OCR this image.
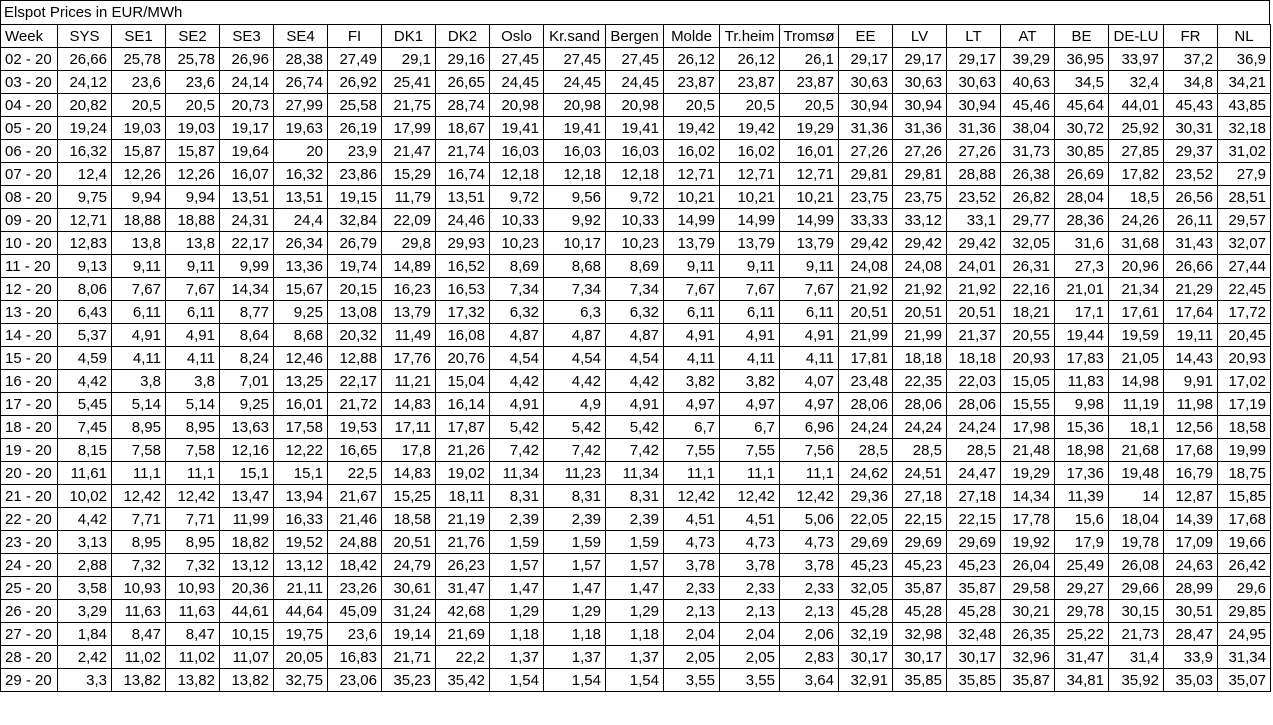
Elspot Prices in EUR/MWh
Week	SYS	SE1	SE2	SE3	SE4	FI	DK1	DK2	Oslo	Kr.sand	Bergen	Molde	Tr.heim	Tromsø	EE	LV	LT	AT	BE	DE-LU	FR	NL
02 - 20	26,66	25,78	25,78	26,96	28,38	27,49	29,1	29,16	27,45	27,45	27,45	26,12	26,12	26,1	29,17	29,17	29,17	39,29	36,95	33,97	37,2	36,9
03 - 20	24,12	23,6	23,6	24,14	26,74	26,92	25,41	26,65	24,45	24,45	24,45	23,87	23,87	23,87	30,63	30,63	30,63	40,63	34,5	32,4	34,8	34,21
04 - 20	20,82	20,5	20,5	20,73	27,99	25,58	21,75	28,74	20,98	20,98	20,98	20,5	20,5	20,5	30,94	30,94	30,94	45,46	45,64	44,01	45,43	43,85
05 - 20	19,24	19,03	19,03	19,17	19,63	26,19	17,99	18,67	19,41	19,41	19,41	19,42	19,42	19,29	31,36	31,36	31,36	38,04	30,72	25,92	30,31	32,18
06 - 20	16,32	15,87	15,87	19,64	20	23,9	21,47	21,74	16,03	16,03	16,03	16,02	16,02	16,01	27,26	27,26	27,26	31,73	30,85	27,85	29,37	31,02
07 - 20	12,4	12,26	12,26	16,07	16,32	23,86	15,29	16,74	12,18	12,18	12,18	12,71	12,71	12,71	29,81	29,81	28,88	26,38	26,69	17,82	23,52	27,9
08 - 20	9,75	9,94	9,94	13,51	13,51	19,15	11,79	13,51	9,72	9,56	9,72	10,21	10,21	10,21	23,75	23,75	23,52	26,82	28,04	18,5	26,56	28,51
09 - 20	12,71	18,88	18,88	24,31	24,4	32,84	22,09	24,46	10,33	9,92	10,33	14,99	14,99	14,99	33,33	33,12	33,1	29,77	28,36	24,26	26,11	29,57
10 - 20	12,83	13,8	13,8	22,17	26,34	26,79	29,8	29,93	10,23	10,17	10,23	13,79	13,79	13,79	29,42	29,42	29,42	32,05	31,6	31,68	31,43	32,07
11 - 20	9,13	9,11	9,11	9,99	13,36	19,74	14,89	16,52	8,69	8,68	8,69	9,11	9,11	9,11	24,08	24,08	24,01	26,31	27,3	20,96	26,66	27,44
12 - 20	8,06	7,67	7,67	14,34	15,67	20,15	16,23	16,53	7,34	7,34	7,34	7,67	7,67	7,67	21,92	21,92	21,92	22,16	21,01	21,34	21,29	22,45
13 - 20	6,43	6,11	6,11	8,77	9,25	13,08	13,79	17,32	6,32	6,3	6,32	6,11	6,11	6,11	20,51	20,51	20,51	18,21	17,1	17,61	17,64	17,72
14 - 20	5,37	4,91	4,91	8,64	8,68	20,32	11,49	16,08	4,87	4,87	4,87	4,91	4,91	4,91	21,99	21,99	21,37	20,55	19,44	19,59	19,11	20,45
15 - 20	4,59	4,11	4,11	8,24	12,46	12,88	17,76	20,76	4,54	4,54	4,54	4,11	4,11	4,11	17,81	18,18	18,18	20,93	17,83	21,05	14,43	20,93
16 - 20	4,42	3,8	3,8	7,01	13,25	22,17	11,21	15,04	4,42	4,42	4,42	3,82	3,82	4,07	23,48	22,35	22,03	15,05	11,83	14,98	9,91	17,02
17 - 20	5,45	5,14	5,14	9,25	16,01	21,72	14,83	16,14	4,91	4,9	4,91	4,97	4,97	4,97	28,06	28,06	28,06	15,55	9,98	11,19	11,98	17,19
18 - 20	7,45	8,95	8,95	13,63	17,58	19,53	17,11	17,87	5,42	5,42	5,42	6,7	6,7	6,96	24,24	24,24	24,24	17,98	15,36	18,1	12,56	18,58
19 - 20	8,15	7,58	7,58	12,16	12,22	16,65	17,8	21,26	7,42	7,42	7,42	7,55	7,55	7,56	28,5	28,5	28,5	21,48	18,98	21,68	17,68	19,99
20 - 20	11,61	11,1	11,1	15,1	15,1	22,5	14,83	19,02	11,34	11,23	11,34	11,1	11,1	11,1	24,62	24,51	24,47	19,29	17,36	19,48	16,79	18,75
21 - 20	10,02	12,42	12,42	13,47	13,94	21,67	15,25	18,11	8,31	8,31	8,31	12,42	12,42	12,42	29,36	27,18	27,18	14,34	11,39	14	12,87	15,85
22 - 20	4,42	7,71	7,71	11,99	16,33	21,46	18,58	21,19	2,39	2,39	2,39	4,51	4,51	5,06	22,05	22,15	22,15	17,78	15,6	18,04	14,39	17,68
23 - 20	3,13	8,95	8,95	18,82	19,52	24,88	20,51	21,76	1,59	1,59	1,59	4,73	4,73	4,73	29,69	29,69	29,69	19,92	17,9	19,78	17,09	19,66
24 - 20	2,88	7,32	7,32	13,12	13,12	18,42	24,79	26,23	1,57	1,57	1,57	3,78	3,78	3,78	45,23	45,23	45,23	26,04	25,49	26,08	24,63	26,42
25 - 20	3,58	10,93	10,93	20,36	21,11	23,26	30,61	31,47	1,47	1,47	1,47	2,33	2,33	2,33	32,05	35,87	35,87	29,58	29,27	29,66	28,99	29,6
26 - 20	3,29	11,63	11,63	44,61	44,64	45,09	31,24	42,68	1,29	1,29	1,29	2,13	2,13	2,13	45,28	45,28	45,28	30,21	29,78	30,15	30,51	29,85
27 - 20	1,84	8,47	8,47	10,15	19,75	23,6	19,14	21,69	1,18	1,18	1,18	2,04	2,04	2,06	32,19	32,98	32,48	26,35	25,22	21,73	28,47	24,95
28 - 20	2,42	11,02	11,02	11,07	20,05	16,83	21,71	22,2	1,37	1,37	1,37	2,05	2,05	2,83	30,17	30,17	30,17	32,96	31,47	31,4	33,9	31,34
29 - 20	3,3	13,82	13,82	13,82	32,75	23,06	35,23	35,42	1,54	1,54	1,54	3,55	3,55	3,64	32,91	35,85	35,85	35,87	34,81	35,92	35,03	35,07
